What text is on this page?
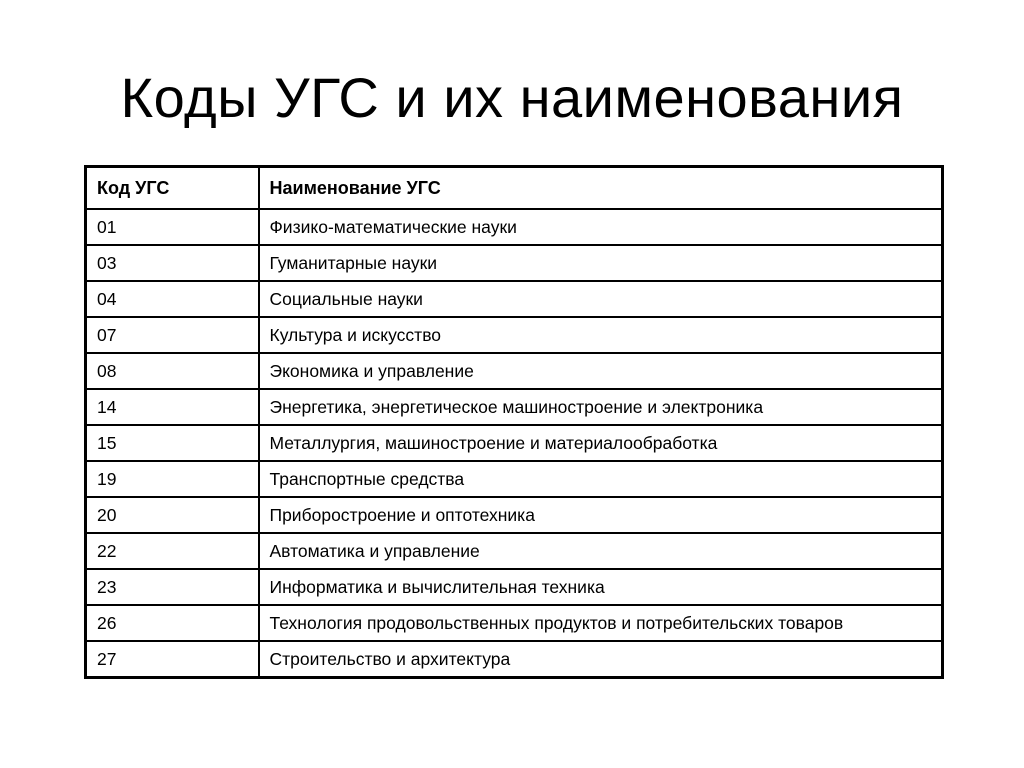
Коды УГС и их наименования
Код УГС	Наименование УГС
01	Физико-математические науки
03	Гуманитарные науки
04	Социальные науки
07	Культура и искусство
08	Экономика и управление
14	Энергетика, энергетическое машиностроение и электроника
15	Металлургия, машиностроение и материалообработка
19	Транспортные средства
20	Приборостроение и оптотехника
22	Автоматика и управление
23	Информатика и вычислительная техника
26	Технология продовольственных продуктов и потребительских товаров
27	Строительство и архитектура
